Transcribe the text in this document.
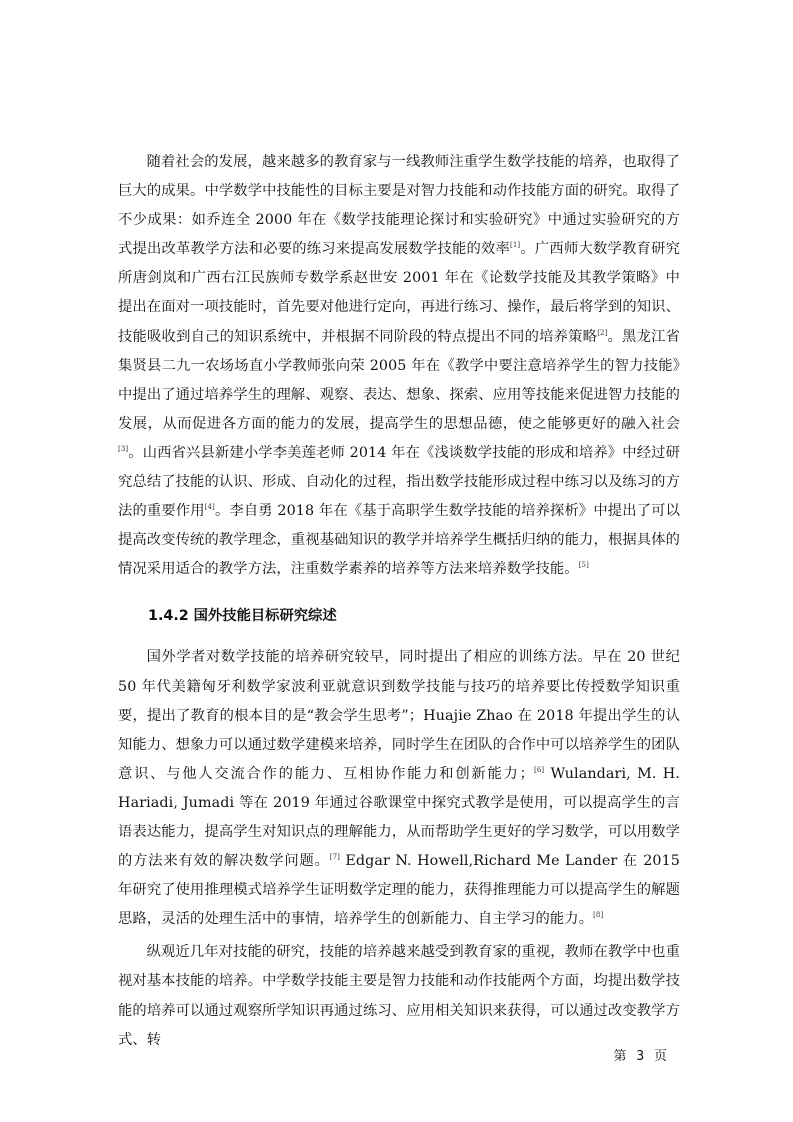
随着社会的发展，越来越多的教育家与一线教师注重学生数学技能的培养，也取得了巨大的成果。中学数学中技能性的目标主要是对智力技能和动作技能方面的研究。取得了不少成果：如乔连全 2000 年在《数学技能理论探讨和实验研究》中通过实验研究的方式提出改革教学方法和必要的练习来提高发展数学技能的效率[1]。广西师大数学教育研究所唐剑岚和广西右江民族师专数学系赵世安 2001 年在《论数学技能及其教学策略》中提出在面对一项技能时，首先要对他进行定向，再进行练习、操作，最后将学到的知识、技能吸收到自己的知识系统中，并根据不同阶段的特点提出不同的培养策略[2]。黑龙江省集贤县二九一农场场直小学教师张向荣 2005 年在《教学中要注意培养学生的智力技能》中提出了通过培养学生的理解、观察、表达、想象、探索、应用等技能来促进智力技能的发展，从而促进各方面的能力的发展，提高学生的思想品德，使之能够更好的融入社会[3]。山西省兴县新建小学李美莲老师 2014 年在《浅谈数学技能的形成和培养》中经过研究总结了技能的认识、形成、自动化的过程，指出数学技能形成过程中练习以及练习的方法的重要作用[4]。李自勇 2018 年在《基于高职学生数学技能的培养探析》中提出了可以提高改变传统的教学理念，重视基础知识的教学并培养学生概括归纳的能力，根据具体的情况采用适合的教学方法，注重数学素养的培养等方法来培养数学技能。[5]

1.4.2 国外技能目标研究综述

国外学者对数学技能的培养研究较早，同时提出了相应的训练方法。早在 20 世纪 50 年代美籍匈牙利数学家波利亚就意识到数学技能与技巧的培养要比传授数学知识重要，提出了教育的根本目的是“教会学生思考”；Huajie Zhao 在 2018 年提出学生的认知能力、想象力可以通过数学建模来培养，同时学生在团队的合作中可以培养学生的团队意识、与他人交流合作的能力、互相协作能力和创新能力；[6] Wulandari, M. H. Hariadi, Jumadi 等在 2019 年通过谷歌课堂中探究式教学是使用，可以提高学生的言语表达能力，提高学生对知识点的理解能力，从而帮助学生更好的学习数学，可以用数学的方法来有效的解决数学问题。[7] Edgar N. Howell,Richard Me Lander 在 2015 年研究了使用推理模式培养学生证明数学定理的能力，获得推理能力可以提高学生的解题思路，灵活的处理生活中的事情，培养学生的创新能力、自主学习的能力。[8]

纵观近几年对技能的研究，技能的培养越来越受到教育家的重视，教师在教学中也重视对基本技能的培养。中学数学技能主要是智力技能和动作技能两个方面，均提出数学技能的培养可以通过观察所学知识再通过练习、应用相关知识来获得，可以通过改变教学方式、转

第 3 页
